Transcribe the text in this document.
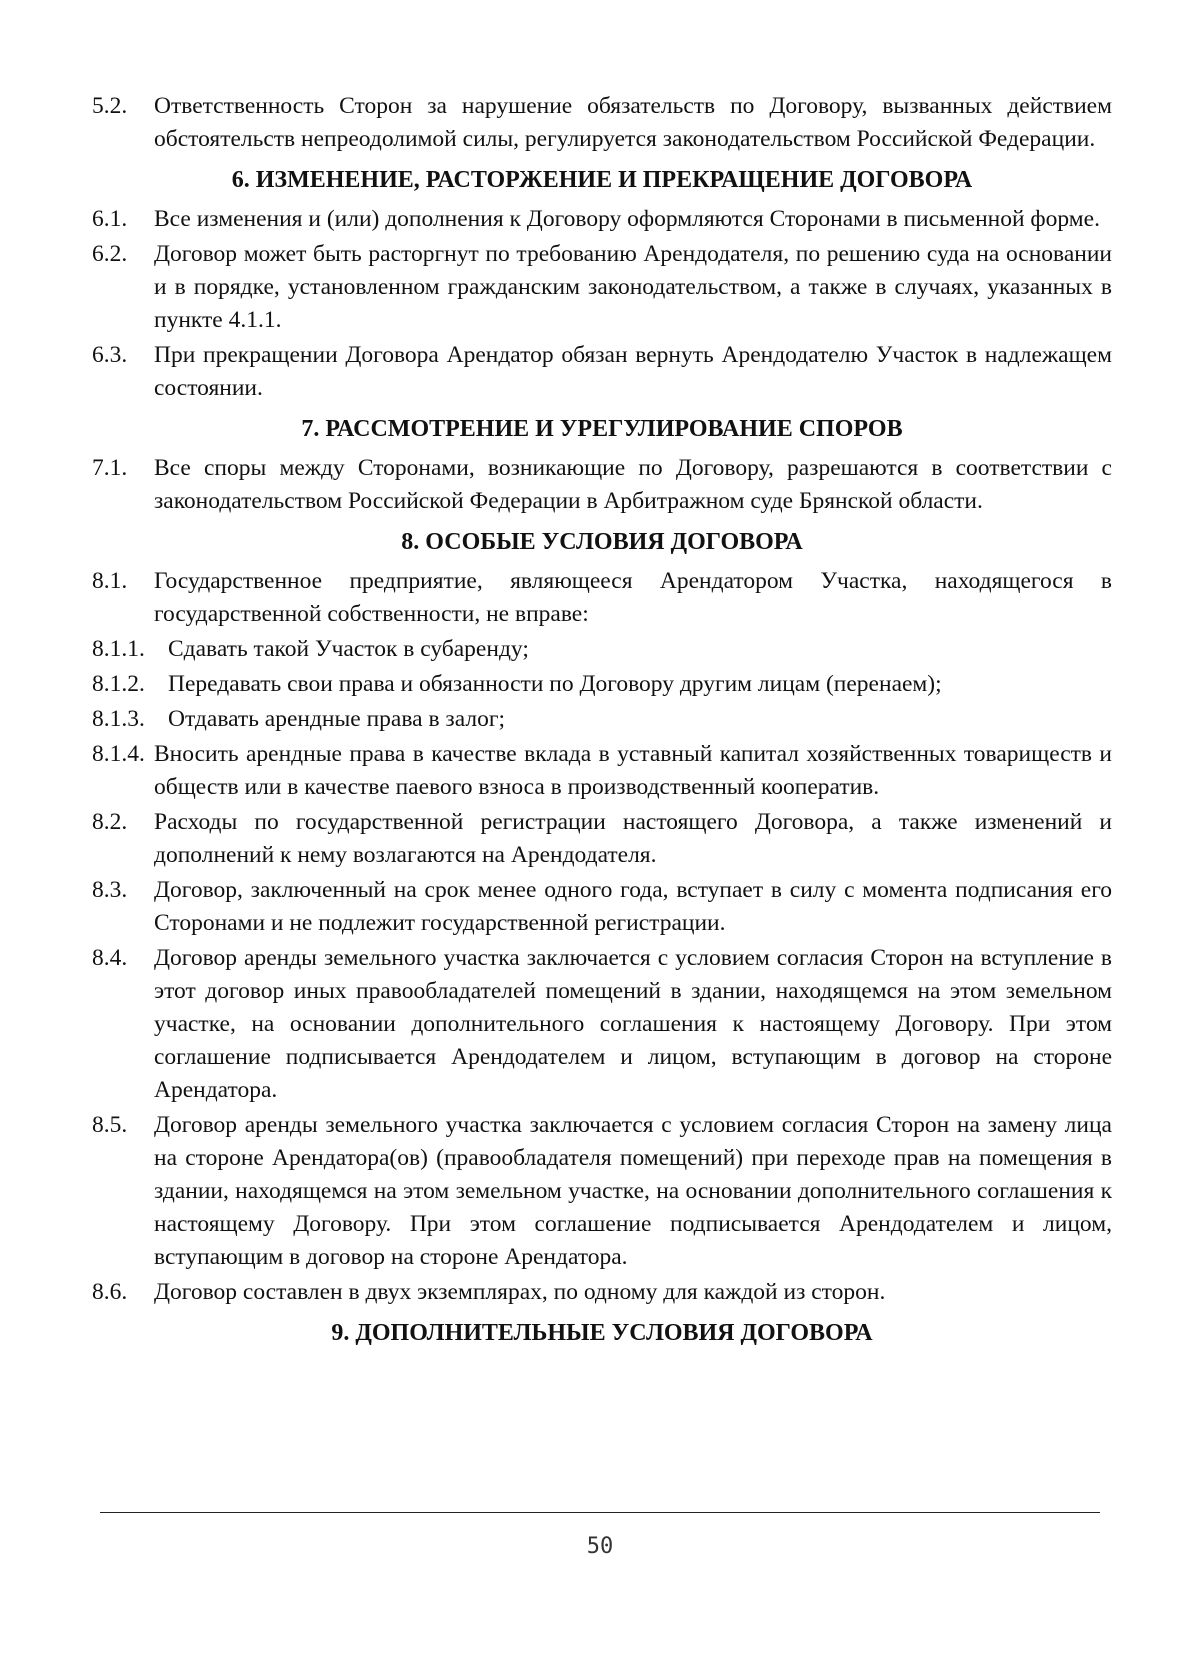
5.2. Ответственность Сторон за нарушение обязательств по Договору, вызванных действием обстоятельств непреодолимой силы, регулируется законодательством Российской Федерации.
6. ИЗМЕНЕНИЕ, РАСТОРЖЕНИЕ И ПРЕКРАЩЕНИЕ ДОГОВОРА
6.1. Все изменения и (или) дополнения к Договору оформляются Сторонами в письменной форме.
6.2. Договор может быть расторгнут по требованию Арендодателя, по решению суда на основании и в порядке, установленном гражданским законодательством, а также в случаях, указанных в пункте 4.1.1.
6.3. При прекращении Договора Арендатор обязан вернуть Арендодателю Участок в надлежащем состоянии.
7. РАССМОТРЕНИЕ И УРЕГУЛИРОВАНИЕ СПОРОВ
7.1. Все споры между Сторонами, возникающие по Договору, разрешаются в соответствии с законодательством Российской Федерации в Арбитражном суде Брянской области.
8. ОСОБЫЕ УСЛОВИЯ ДОГОВОРА
8.1. Государственное предприятие, являющееся Арендатором Участка, находящегося в государственной собственности, не вправе:
8.1.1. Сдавать такой Участок в субаренду;
8.1.2. Передавать свои права и обязанности по Договору другим лицам (перенаем);
8.1.3. Отдавать арендные права в залог;
8.1.4. Вносить арендные права в качестве вклада в уставный капитал хозяйственных товариществ и обществ или в качестве паевого взноса в производственный кооператив.
8.2. Расходы по государственной регистрации настоящего Договора, а также изменений и дополнений к нему возлагаются на Арендодателя.
8.3. Договор, заключенный на срок менее одного года, вступает в силу с момента подписания его Сторонами и не подлежит государственной регистрации.
8.4. Договор аренды земельного участка заключается с условием согласия Сторон на вступление в этот договор иных правообладателей помещений в здании, находящемся на этом земельном участке, на основании дополнительного соглашения к настоящему Договору. При этом соглашение подписывается Арендодателем и лицом, вступающим в договор на стороне Арендатора.
8.5. Договор аренды земельного участка заключается с условием согласия Сторон на замену лица на стороне Арендатора(ов) (правообладателя помещений) при переходе прав на помещения в здании, находящемся на этом земельном участке, на основании дополнительного соглашения к настоящему Договору. При этом соглашение подписывается Арендодателем и лицом, вступающим в договор на стороне Арендатора.
8.6. Договор составлен в двух экземплярах, по одному для каждой из сторон.
9. ДОПОЛНИТЕЛЬНЫЕ УСЛОВИЯ ДОГОВОРА
50
